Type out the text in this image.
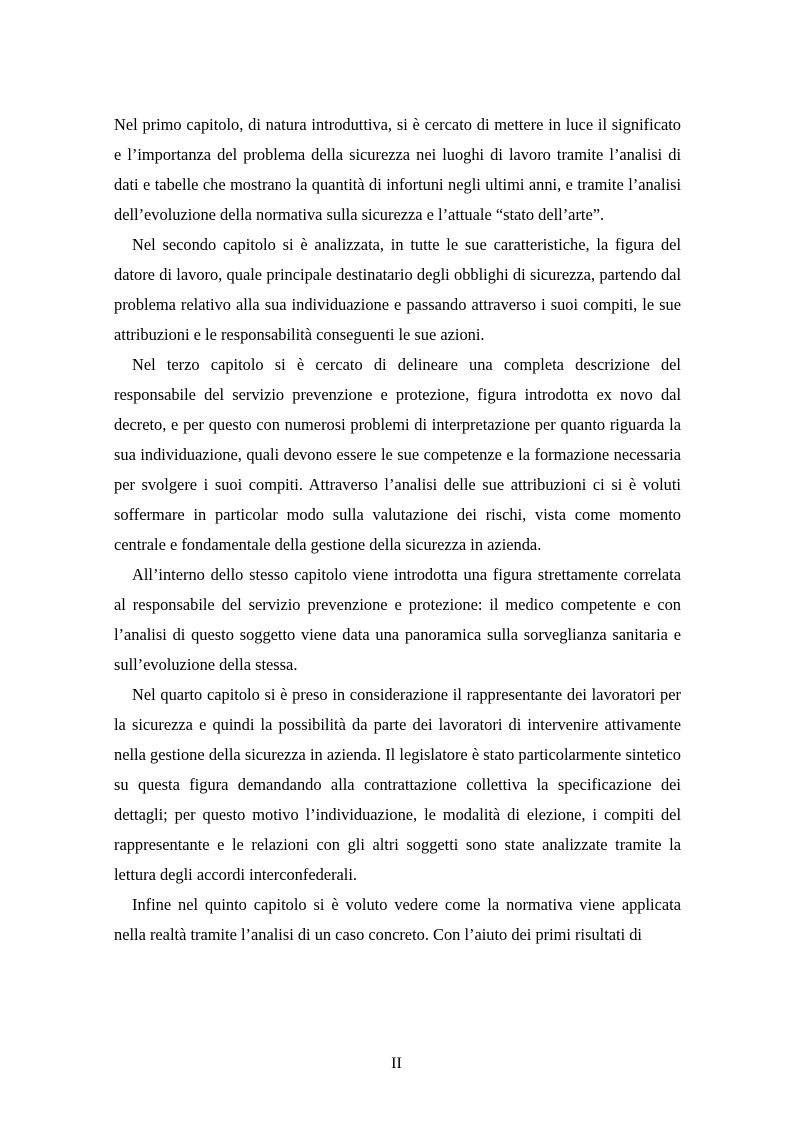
Nel primo capitolo, di natura introduttiva, si è cercato di mettere in luce il significato e l’importanza del problema della sicurezza nei luoghi di lavoro tramite l’analisi di dati e tabelle che mostrano la quantità di infortuni negli ultimi anni, e tramite l’analisi dell’evoluzione della normativa sulla sicurezza e l’attuale “stato dell’arte”.

Nel secondo capitolo si è analizzata, in tutte le sue caratteristiche, la figura del datore di lavoro, quale principale destinatario degli obblighi di sicurezza, partendo dal problema relativo alla sua individuazione e passando attraverso i suoi compiti, le sue attribuzioni e le responsabilità conseguenti le sue azioni.

Nel terzo capitolo si è cercato di delineare una completa descrizione del responsabile del servizio prevenzione e protezione, figura introdotta ex novo dal decreto, e per questo con numerosi problemi di interpretazione per quanto riguarda la sua individuazione, quali devono essere le sue competenze e la formazione necessaria per svolgere i suoi compiti. Attraverso l’analisi delle sue attribuzioni ci si è voluti soffermare in particolar modo sulla valutazione dei rischi, vista come momento centrale e fondamentale della gestione della sicurezza in azienda.

All’interno dello stesso capitolo viene introdotta una figura strettamente correlata al responsabile del servizio prevenzione e protezione: il medico competente e con l’analisi di questo soggetto viene data una panoramica sulla sorveglianza sanitaria e sull’evoluzione della stessa.

Nel quarto capitolo si è preso in considerazione il rappresentante dei lavoratori per la sicurezza e quindi la possibilità da parte dei lavoratori di intervenire attivamente nella gestione della sicurezza in azienda. Il legislatore è stato particolarmente sintetico su questa figura demandando alla contrattazione collettiva la specificazione dei dettagli; per questo motivo l’individuazione, le modalità di elezione, i compiti del rappresentante e le relazioni con gli altri soggetti sono state analizzate tramite la lettura degli accordi interconfederali.

Infine nel quinto capitolo si è voluto vedere come la normativa viene applicata nella realtà tramite l’analisi di un caso concreto. Con l’aiuto dei primi risultati di

II
